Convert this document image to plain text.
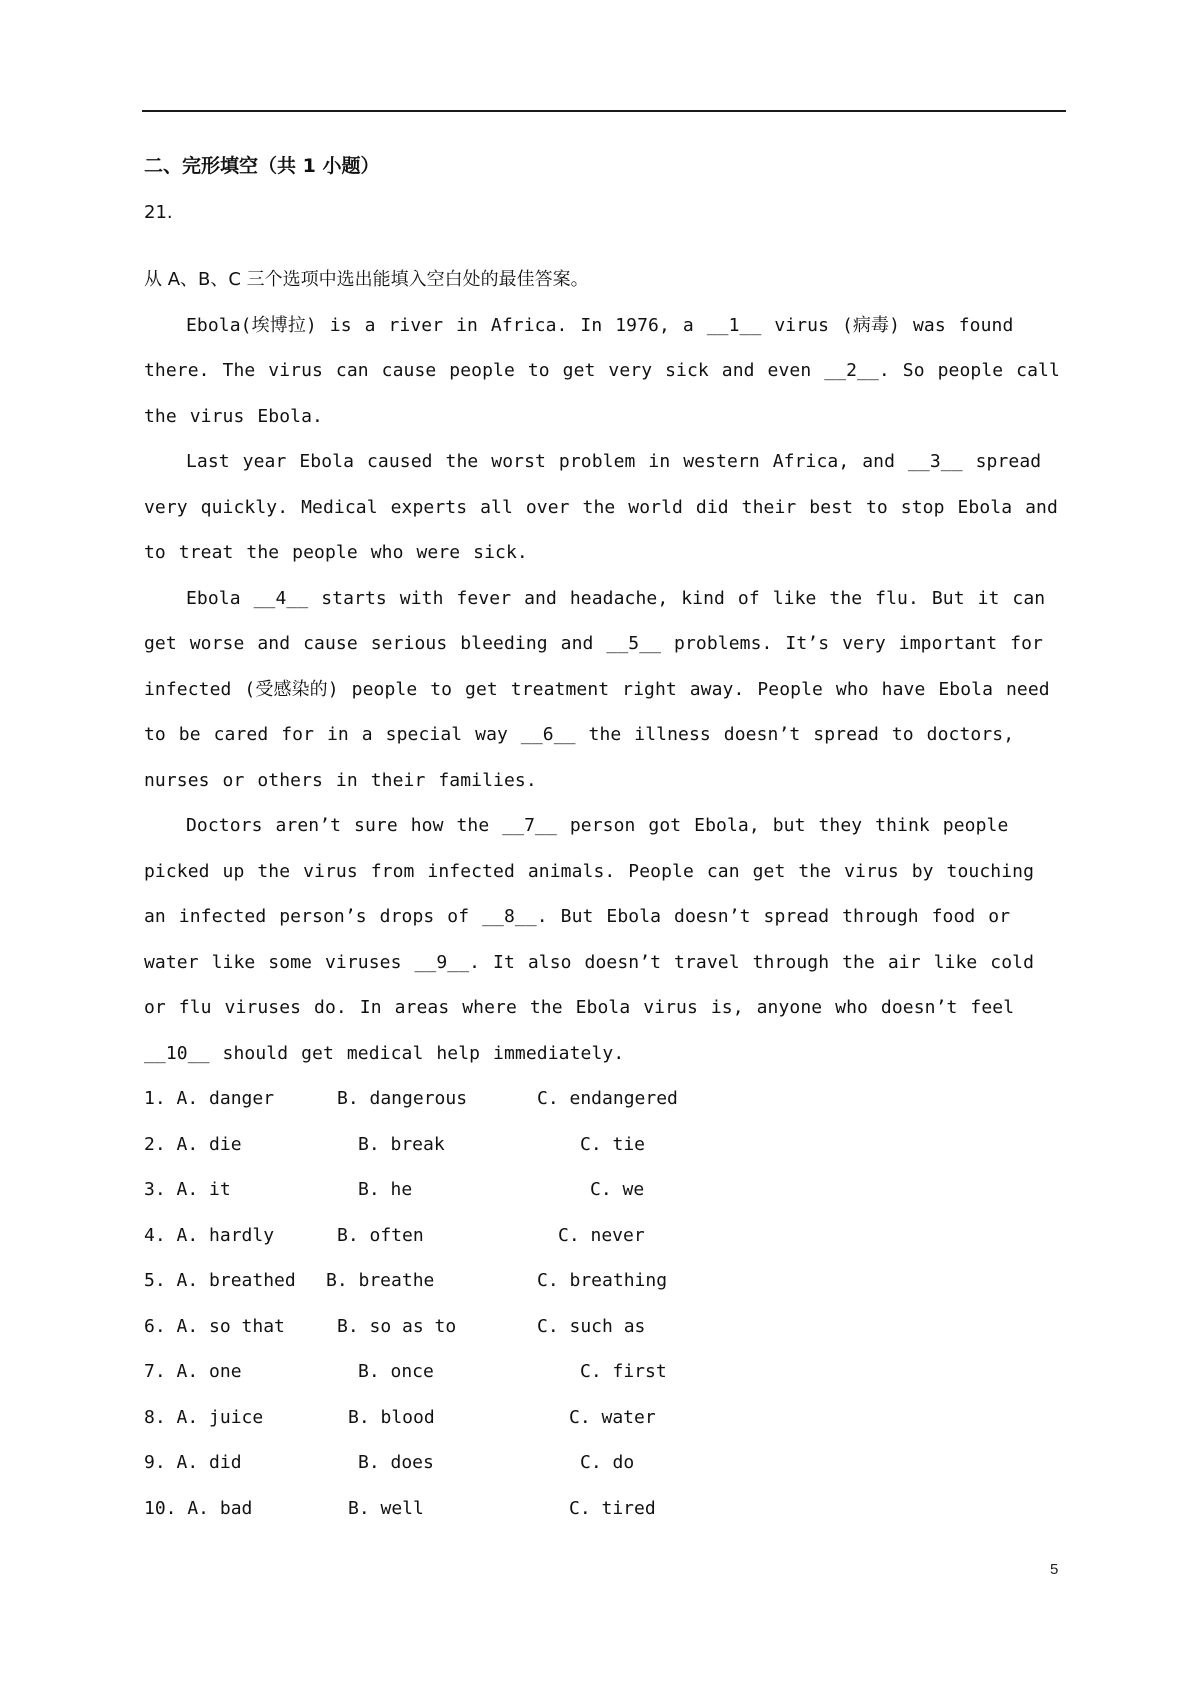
二、完形填空（共 1 小题）
21.
从 A、B、C 三个选项中选出能填入空白处的最佳答案。
Ebola(埃博拉) is a river in Africa. In 1976, a __1__ virus (病毒) was found there. The virus can cause people to get very sick and even __2__. So people call the virus Ebola.
Last year Ebola caused the worst problem in western Africa, and __3__ spread very quickly. Medical experts all over the world did their best to stop Ebola and to treat the people who were sick.
Ebola __4__ starts with fever and headache, kind of like the flu. But it can get worse and cause serious bleeding and __5__ problems. It’s very important for infected (受感染的) people to get treatment right away. People who have Ebola need to be cared for in a special way __6__ the illness doesn’t spread to doctors, nurses or others in their families.
Doctors aren’t sure how the __7__ person got Ebola, but they think people picked up the virus from infected animals. People can get the virus by touching an infected person’s drops of __8__. But Ebola doesn’t spread through food or water like some viruses __9__. It also doesn’t travel through the air like cold or flu viruses do. In areas where the Ebola virus is, anyone who doesn’t feel __10__ should get medical help immediately.
1. A. danger	B. dangerous	C. endangered
2. A. die	B. break	C. tie
3. A. it	B. he	C. we
4. A. hardly	B. often	C. never
5. A. breathed B. breathe	C. breathing
6. A. so that	B. so as to	C. such as
7. A. one	B. once	C. first
8. A. juice	B. blood	C. water
9. A. did	B. does	C. do
10. A. bad	B. well	C. tired
5
